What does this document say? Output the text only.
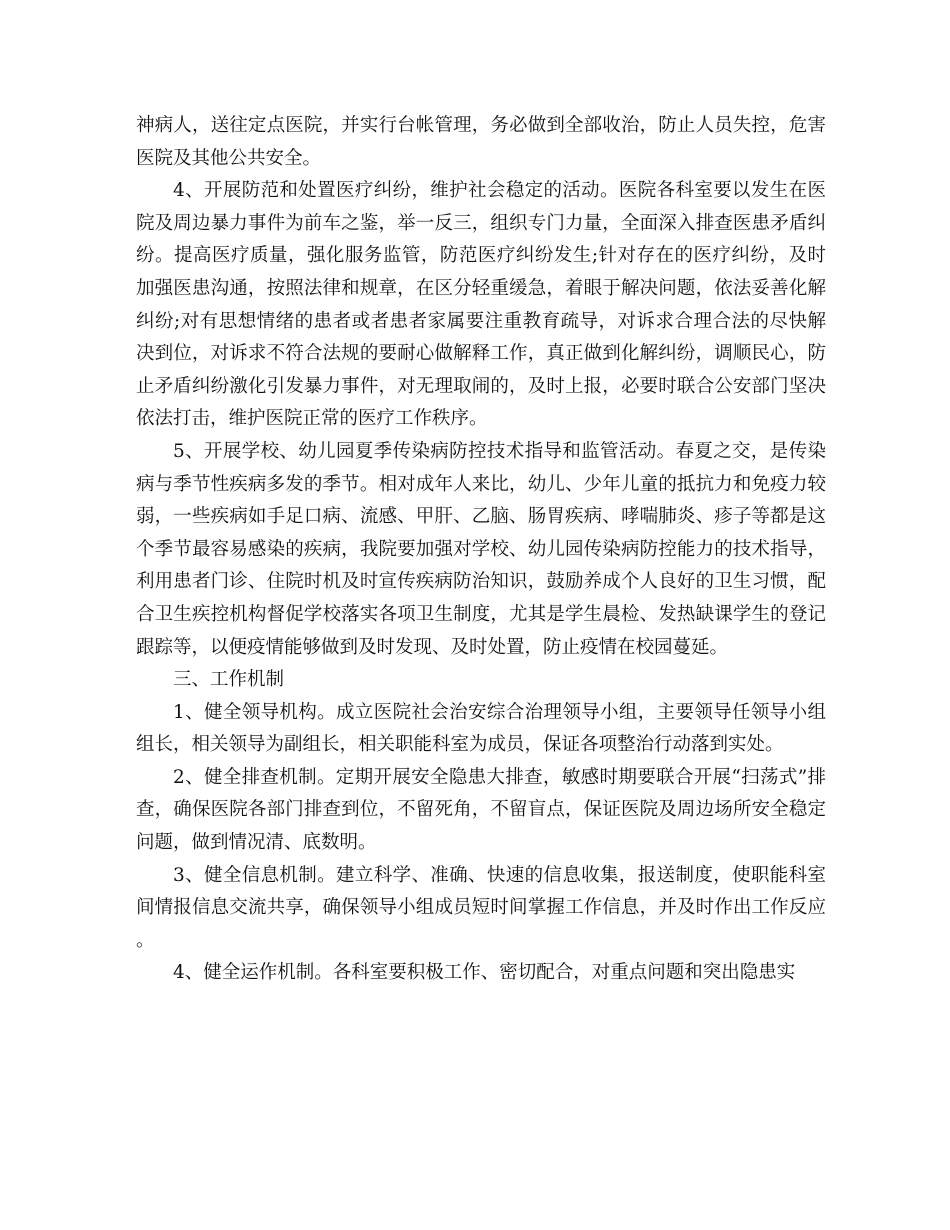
神病人，送往定点医院，并实行台帐管理，务必做到全部收治，防止人员失控，危害医院及其他公共安全。

4、开展防范和处置医疗纠纷，维护社会稳定的活动。医院各科室要以发生在医院及周边暴力事件为前车之鉴，举一反三，组织专门力量，全面深入排查医患矛盾纠纷。提高医疗质量，强化服务监管，防范医疗纠纷发生;针对存在的医疗纠纷，及时加强医患沟通，按照法律和规章，在区分轻重缓急，着眼于解决问题，依法妥善化解纠纷;对有思想情绪的患者或者患者家属要注重教育疏导，对诉求合理合法的尽快解决到位，对诉求不符合法规的要耐心做解释工作，真正做到化解纠纷，调顺民心，防止矛盾纠纷激化引发暴力事件，对无理取闹的，及时上报，必要时联合公安部门坚决依法打击，维护医院正常的医疗工作秩序。

5、开展学校、幼儿园夏季传染病防控技术指导和监管活动。春夏之交，是传染病与季节性疾病多发的季节。相对成年人来比，幼儿、少年儿童的抵抗力和免疫力较弱，一些疾病如手足口病、流感、甲肝、乙脑、肠胃疾病、哮喘肺炎、疹子等都是这个季节最容易感染的疾病，我院要加强对学校、幼儿园传染病防控能力的技术指导，利用患者门诊、住院时机及时宣传疾病防治知识，鼓励养成个人良好的卫生习惯，配合卫生疾控机构督促学校落实各项卫生制度，尤其是学生晨检、发热缺课学生的登记跟踪等，以便疫情能够做到及时发现、及时处置，防止疫情在校园蔓延。

三、工作机制

1、健全领导机构。成立医院社会治安综合治理领导小组，主要领导任领导小组组长，相关领导为副组长，相关职能科室为成员，保证各项整治行动落到实处。

2、健全排查机制。定期开展安全隐患大排查，敏感时期要联合开展“扫荡式”排查，确保医院各部门排查到位，不留死角，不留盲点，保证医院及周边场所安全稳定问题，做到情况清、底数明。

3、健全信息机制。建立科学、准确、快速的信息收集，报送制度，使职能科室间情报信息交流共享，确保领导小组成员短时间掌握工作信息，并及时作出工作反应。

4、健全运作机制。各科室要积极工作、密切配合，对重点问题和突出隐患实
